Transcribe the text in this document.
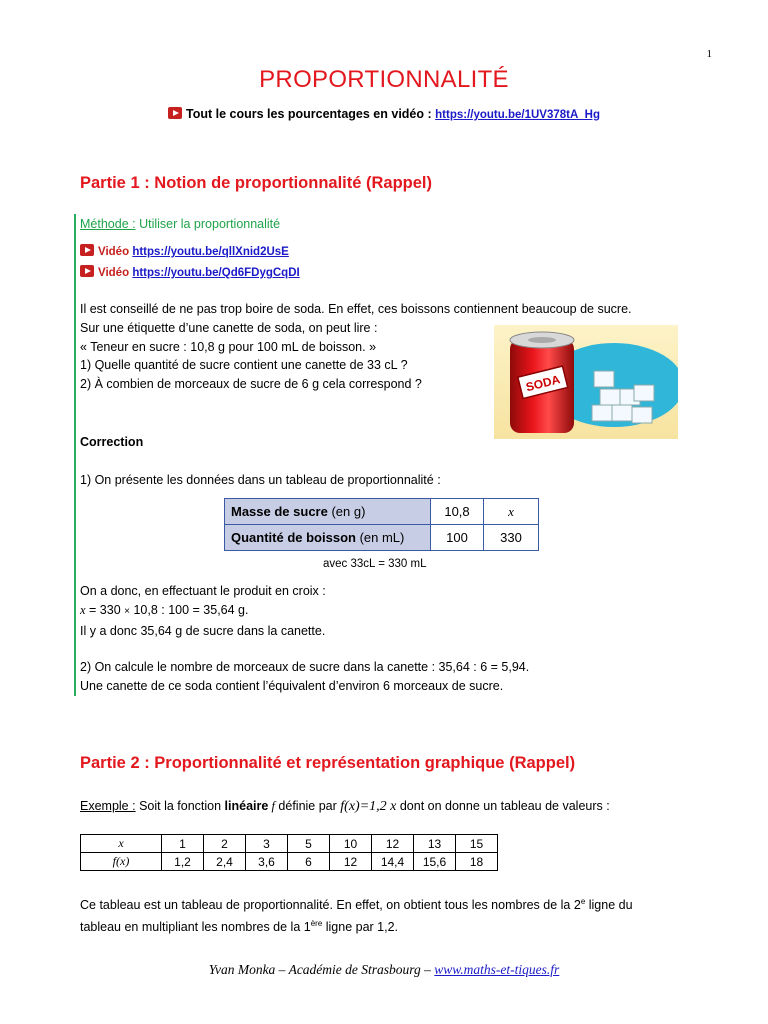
1
PROPORTIONNALITÉ
Tout le cours les pourcentages en vidéo : https://youtu.be/1UV378tA_Hg
Partie 1 : Notion de proportionnalité (Rappel)
Méthode : Utiliser la proportionnalité
Vidéo https://youtu.be/qllXnid2UsE
Vidéo https://youtu.be/Qd6FDygCqDI
Il est conseillé de ne pas trop boire de soda. En effet, ces boissons contiennent beaucoup de sucre.
Sur une étiquette d’une canette de soda, on peut lire :
« Teneur en sucre : 10,8 g pour 100 mL de boisson. »
1) Quelle quantité de sucre contient une canette de 33 cL ?
2) À combien de morceaux de sucre de 6 g cela correspond ?	SODA
Correction
1) On présente les données dans un tableau de proportionnalité :
Masse de sucre (en g)	10,8	x
Quantité de boisson (en mL)	100	330
avec 33cL = 330 mL
On a donc, en effectuant le produit en croix :
x = 330 × 10,8 : 100 = 35,64 g.
Il y a donc 35,64 g de sucre dans la canette.
2) On calcule le nombre de morceaux de sucre dans la canette : 35,64 : 6 = 5,94.
Une canette de ce soda contient l’équivalent d’environ 6 morceaux de sucre.
Partie 2 : Proportionnalité et représentation graphique (Rappel)
Exemple : Soit la fonction linéaire f définie par f(x)=1,2 x dont on donne un tableau de valeurs :
x	1	2	3	5	10	12	13	15
f(x)	1,2	2,4	3,6	6	12	14,4	15,6	18
Ce tableau est un tableau de proportionnalité. En effet, on obtient tous les nombres de la 2e ligne du
tableau en multipliant les nombres de la 1ère ligne par 1,2.
Yvan Monka – Académie de Strasbourg – www.maths-et-tiques.fr
